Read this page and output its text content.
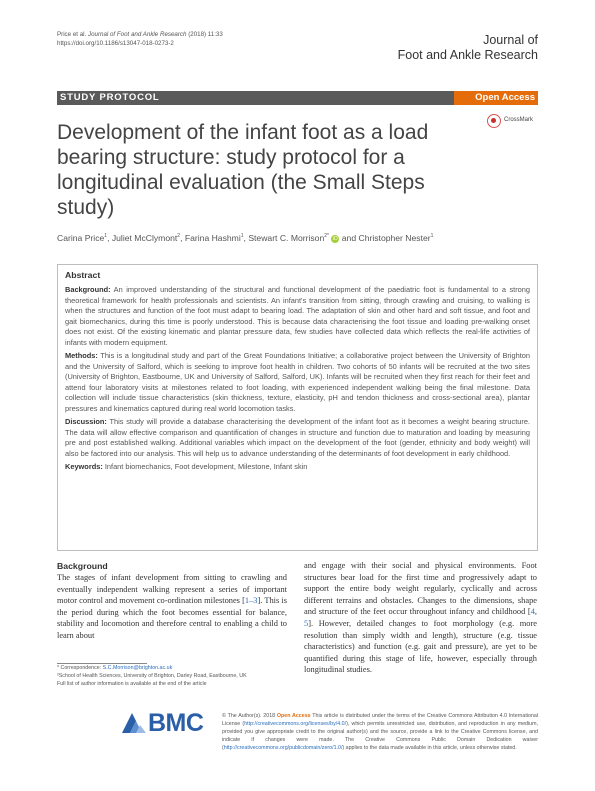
Price et al. Journal of Foot and Ankle Research (2018) 11:33
https://doi.org/10.1186/s13047-018-0273-2	Journal of
Foot and Ankle Research
STUDY PROTOCOL	Open Access
Development of the infant foot as a load bearing structure: study protocol for a longitudinal evaluation (the Small Steps study)
CrossMark
Carina Price$^1$, Juliet McClymont$^2$, Farina Hashmi$^1$, Stewart C. Morrison$^{2*}$ iD and Christopher Nester$^1$
Abstract

Background: An improved understanding of the structural and functional development of the paediatric foot is fundamental to a strong theoretical framework for health professionals and scientists. An infant's transition from sitting, through crawling and cruising, to walking is when the structures and function of the foot must adapt to bearing load. The adaptation of skin and other hard and soft tissue, and foot and gait biomechanics, during this time is poorly understood. This is because data characterising the foot tissue and loading pre-walking onset does not exist. Of the existing kinematic and plantar pressure data, few studies have collected data which reflects the real-life activities of infants with modern equipment.

Methods: This is a longitudinal study and part of the Great Foundations Initiative; a collaborative project between the University of Brighton and the University of Salford, which is seeking to improve foot health in children. Two cohorts of 50 infants will be recruited at the two sites (University of Brighton, Eastbourne, UK and University of Salford, Salford, UK). Infants will be recruited when they first reach for their feet and attend four laboratory visits at milestones related to foot loading, with experienced independent walking being the final milestone. Data collection will include tissue characteristics (skin thickness, texture, elasticity, pH and tendon thickness and cross-sectional area), plantar pressures and kinematics captured during real world locomotion tasks.

Discussion: This study will provide a database characterising the development of the infant foot as it becomes a weight bearing structure. The data will allow effective comparison and quantification of changes in structure and function due to maturation and loading by measuring pre and post established walking. Additional variables which impact on the development of the foot (gender, ethnicity and body weight) will also be factored into our analysis. This will help us to advance understanding of the determinants of foot development in early childhood.

Keywords: Infant biomechanics, Foot development, Milestone, Infant skin

Background

The stages of infant development from sitting to crawling and eventually independent walking represent a series of important motor control and movement co-ordination milestones [1–3]. This is the period during which the foot becomes essential for balance, stability and locomotion and therefore central to enabling a child to learn about

and engage with their social and physical environments. Foot structures bear load for the first time and progressively adapt to support the entire body weight regularly, cyclically and across different terrains and obstacles. Changes to the dimensions, shape and structure of the feet occur throughout infancy and childhood [4, 5]. However, detailed changes to foot morphology (e.g. more resolution than simply width and length), structure (e.g. tissue characteristics) and function (e.g. gait and pressure), are yet to be quantified during this stage of life, however, especially through longitudinal studies.

* Correspondence: S.C.Morrison@brighton.ac.uk
²School of Health Sciences, University of Brighton, Darley Road, Eastbourne, UK
Full list of author information is available at the end of the article
BMC	© The Author(s). 2018 Open Access This article is distributed under the terms of the Creative Commons Attribution 4.0 International License (http://creativecommons.org/licenses/by/4.0/), which permits unrestricted use, distribution, and reproduction in any medium, provided you give appropriate credit to the original author(s) and the source, provide a link to the Creative Commons license, and indicate if changes were made. The Creative Commons Public Domain Dedication waiver (http://creativecommons.org/publicdomain/zero/1.0/) applies to the data made available in this article, unless otherwise stated.
